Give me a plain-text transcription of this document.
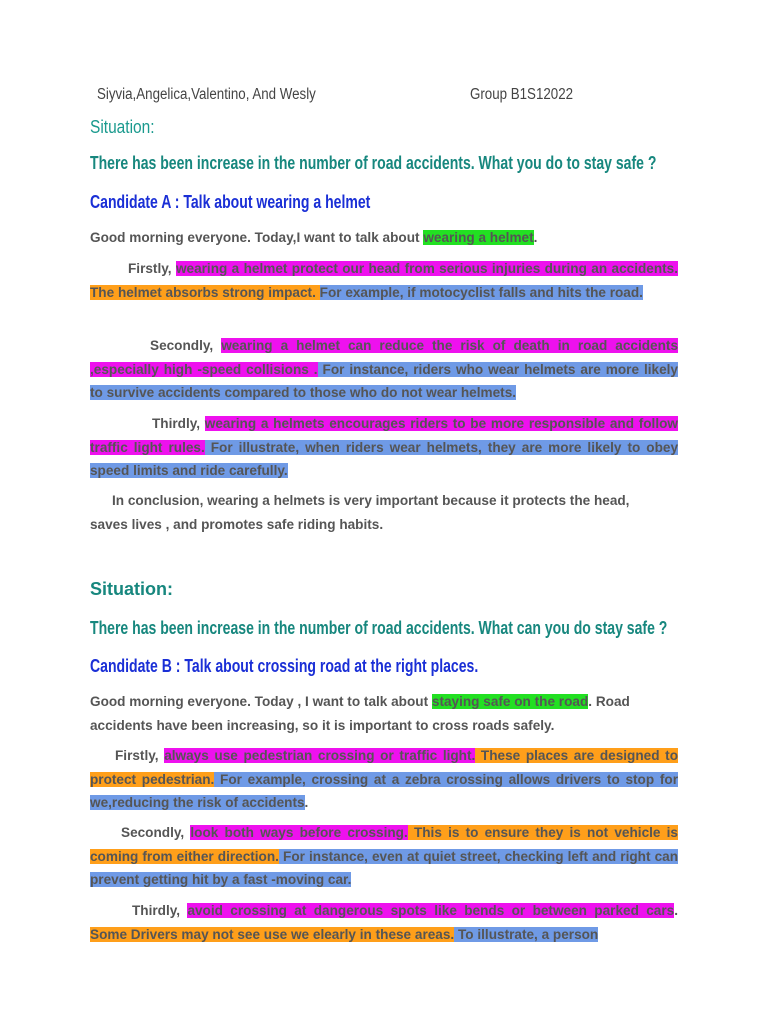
Siyvia,Angelica,Valentino, And Wesly	Group B1S12022
Situation:
There has been increase in the number of road accidents. What you do to stay safe ?
Candidate A : Talk about wearing a helmet

Good morning everyone. Today,I want to talk about wearing a helmet.

Firstly, wearing a helmet protect our head from serious injuries during an accidents. The helmet absorbs strong impact. For example, if motocyclist falls and hits the road.

Secondly, wearing a helmet can reduce the risk of death in road accidents ,especially high -speed collisions . For instance, riders who wear helmets are more likely to survive accidents compared to those who do not wear helmets.

Thirdly, wearing a helmets encourages riders to be more responsible and follow traffic light rules. For illustrate, when riders wear helmets, they are more likely to obey speed limits and ride carefully.

In conclusion, wearing a helmets is very important because it protects the head, saves lives , and promotes safe riding habits.

Situation:
There has been increase in the number of road accidents. What can you do stay safe ?
Candidate B : Talk about crossing road at the right places.

Good morning everyone. Today , I want to talk about staying safe on the road. Road accidents have been increasing, so it is important to cross roads safely.

Firstly, always use pedestrian crossing or traffic light. These places are designed to protect pedestrian. For example, crossing at a zebra crossing allows drivers to stop for we,reducing the risk of accidents.

Secondly, look both ways before crossing. This is to ensure they is not vehicle is coming from either direction. For instance, even at quiet street, checking left and right can prevent getting hit by a fast -moving car.

Thirdly, avoid crossing at dangerous spots like bends or between parked cars. Some Drivers may not see use we elearly in these areas. To illustrate, a person
